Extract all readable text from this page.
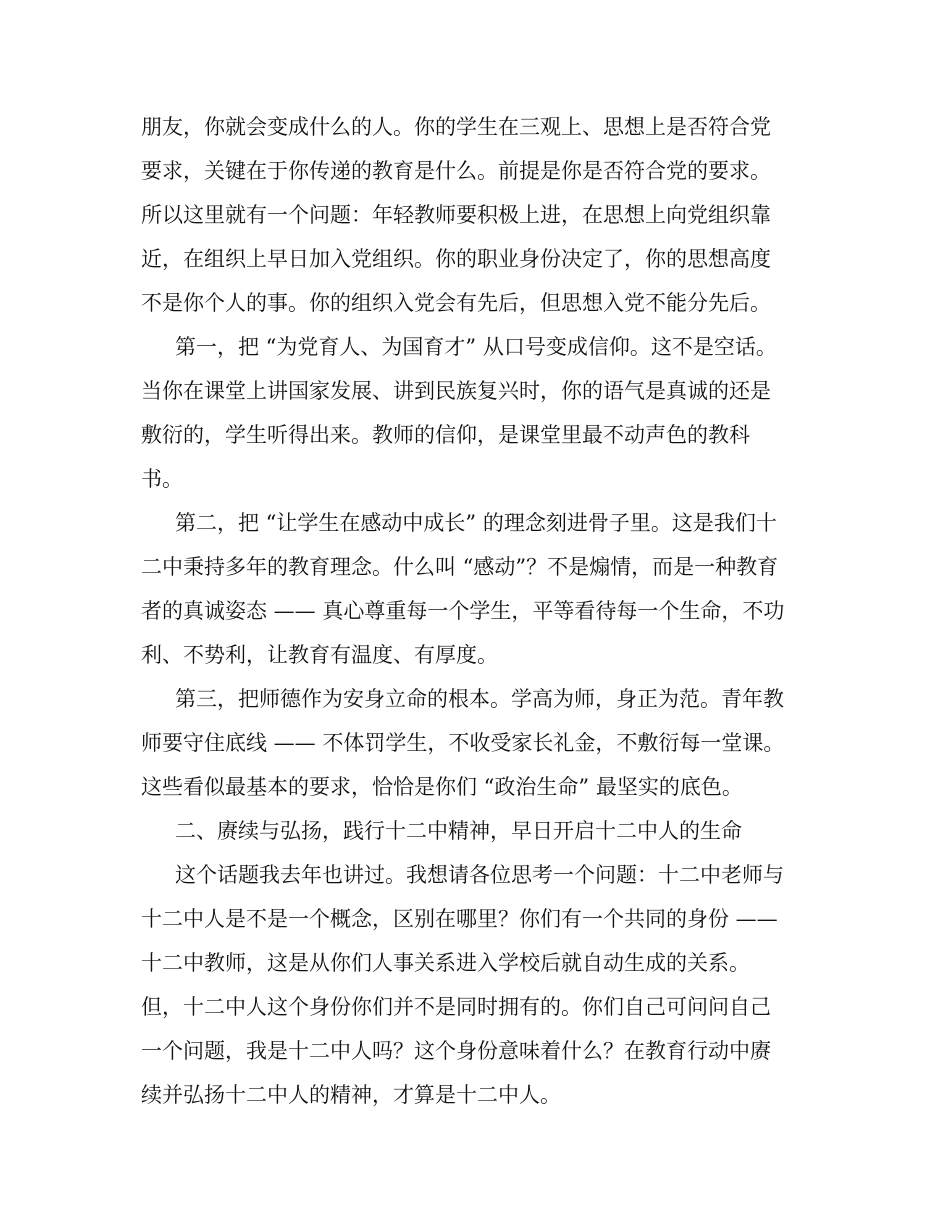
朋友，你就会变成什么的人。你的学生在三观上、思想上是否符合党
要求，关键在于你传递的教育是什么。前提是你是否符合党的要求。
所以这里就有一个问题：年轻教师要积极上进，在思想上向党组织靠
近，在组织上早日加入党组织。你的职业身份决定了，你的思想高度
不是你个人的事。你的组织入党会有先后，但思想入党不能分先后。
第一，把 “为党育人、为国育才” 从口号变成信仰。这不是空话。
当你在课堂上讲国家发展、讲到民族复兴时，你的语气是真诚的还是
敷衍的，学生听得出来。教师的信仰，是课堂里最不动声色的教科
书。
第二，把 “让学生在感动中成长” 的理念刻进骨子里。这是我们十
二中秉持多年的教育理念。什么叫 “感动”？不是煽情，而是一种教育
者的真诚姿态 —— 真心尊重每一个学生，平等看待每一个生命，不功
利、不势利，让教育有温度、有厚度。
第三，把师德作为安身立命的根本。学高为师，身正为范。青年教
师要守住底线 —— 不体罚学生，不收受家长礼金，不敷衍每一堂课。
这些看似最基本的要求，恰恰是你们 “政治生命” 最坚实的底色。
二、赓续与弘扬，践行十二中精神，早日开启十二中人的生命
这个话题我去年也讲过。我想请各位思考一个问题：十二中老师与
十二中人是不是一个概念，区别在哪里？你们有一个共同的身份 ——
十二中教师，这是从你们人事关系进入学校后就自动生成的关系。
但，十二中人这个身份你们并不是同时拥有的。你们自己可问问自己
一个问题，我是十二中人吗？这个身份意味着什么？在教育行动中赓
续并弘扬十二中人的精神，才算是十二中人。
